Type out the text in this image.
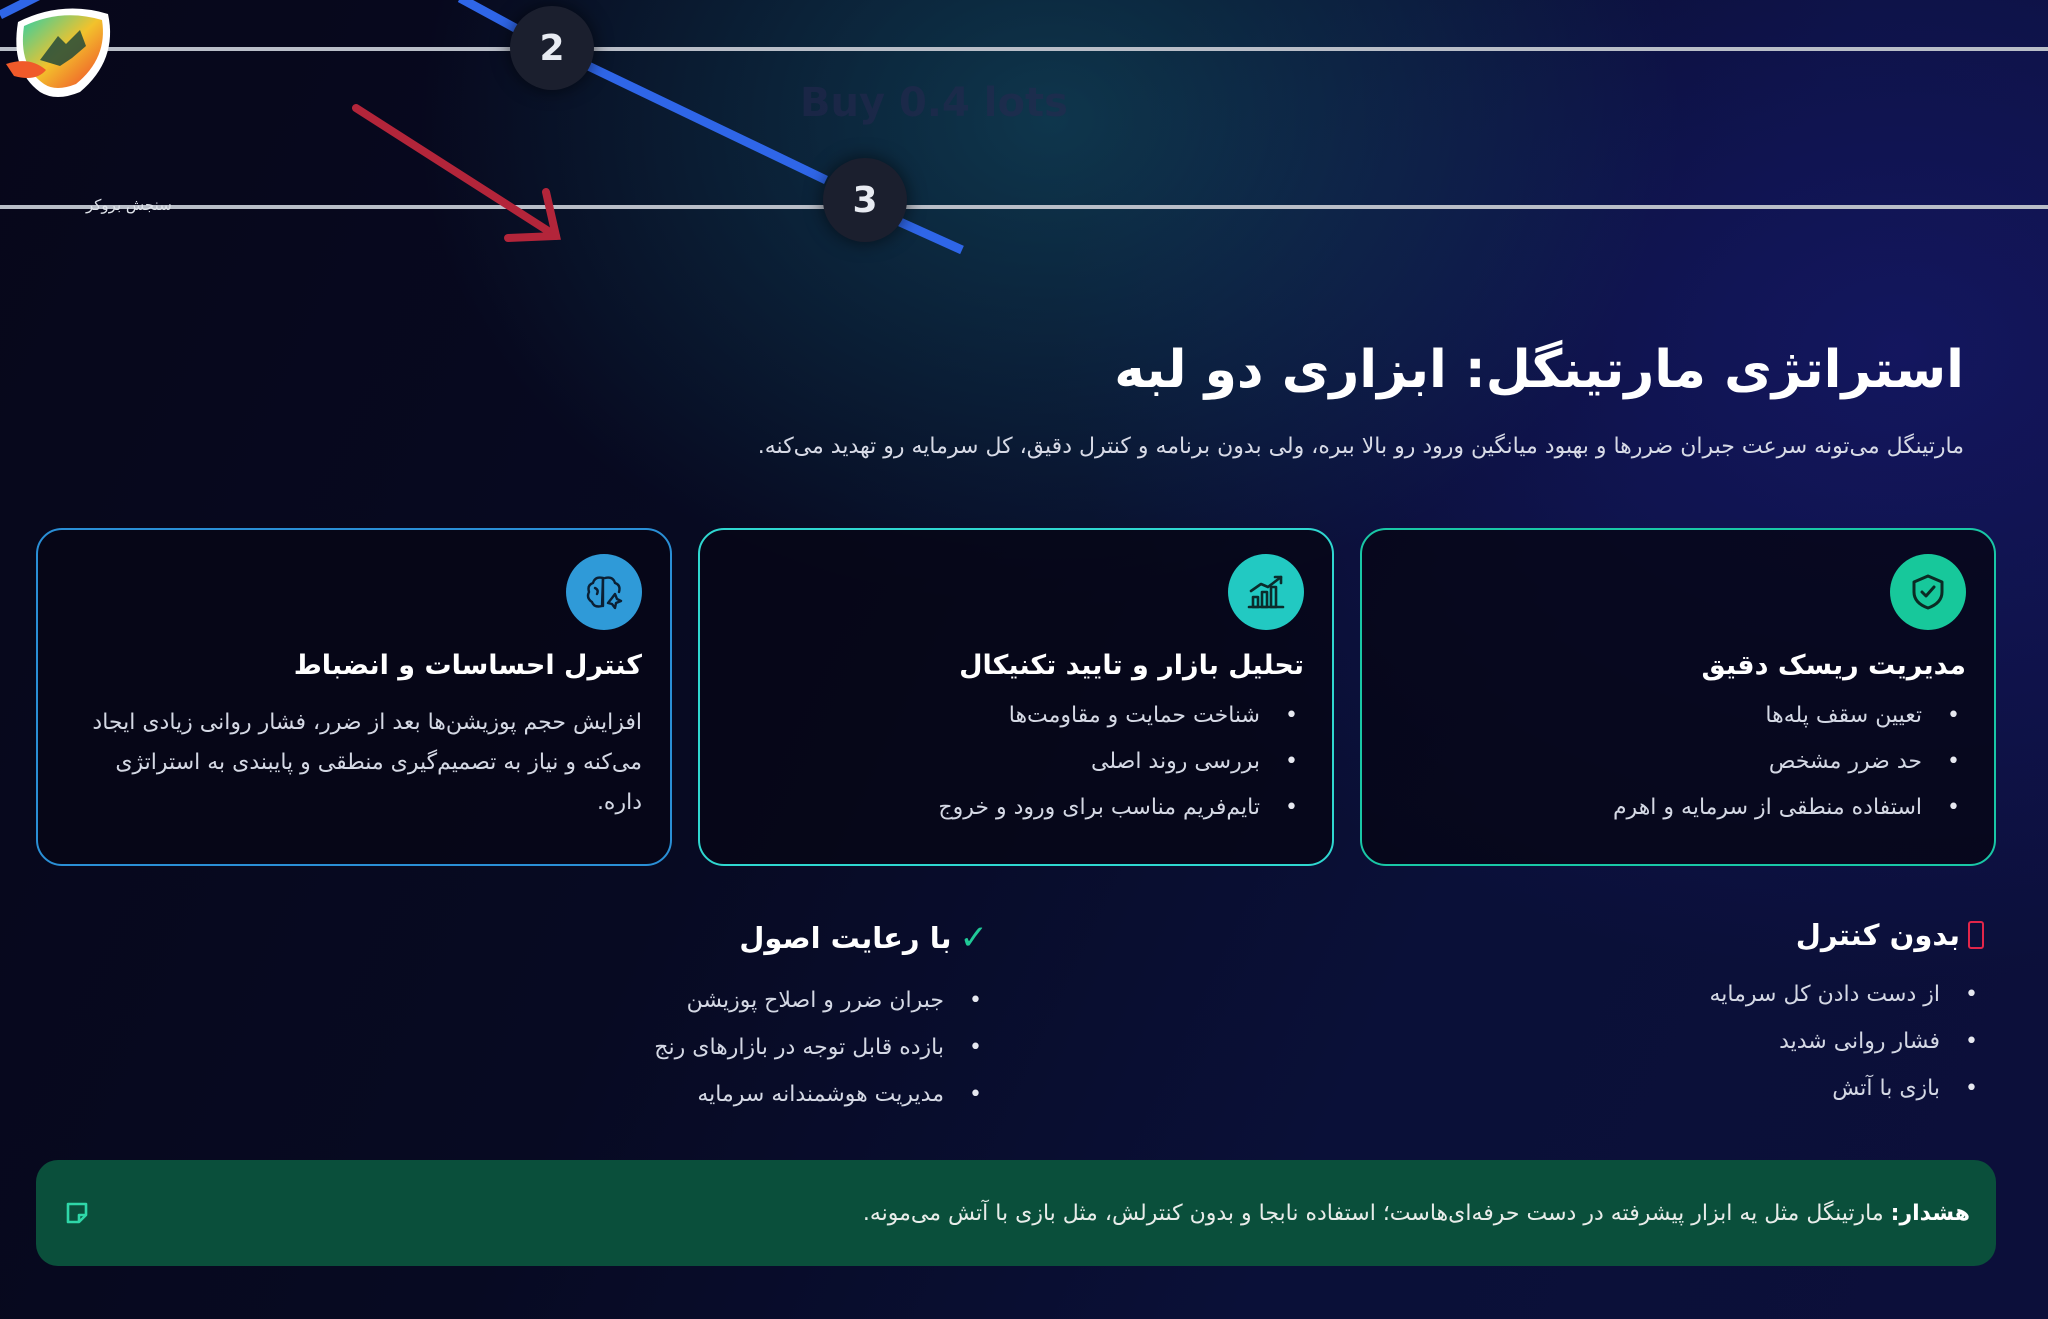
2
3
Buy 0.4 lots
سنجش بروکر
استراتژی مارتینگل: ابزاری دو لبه

مارتینگل می‌تونه سرعت جبران ضررها و بهبود میانگین ورود رو بالا ببره، ولی بدون برنامه و کنترل دقیق، کل سرمایه رو تهدید می‌کنه.

مدیریت ریسک دقیق
• تعیین سقف پله‌ها
• حد ضرر مشخص
• استفاده منطقی از سرمایه و اهرم
تحلیل بازار و تایید تکنیکال
• شناخت حمایت و مقاومت‌ها
• بررسی روند اصلی
• تایم‌فریم مناسب برای ورود و خروج
کنترل احساسات و انضباط

افزایش حجم پوزیشن‌ها بعد از ضرر، فشار روانی زیادی ایجاد می‌کنه و نیاز به تصمیم‌گیری منطقی و پایبندی به استراتژی داره.

بدون کنترل
• از دست دادن کل سرمایه
• فشار روانی شدید
• بازی با آتش
✓
با رعایت اصول
• جبران ضرر و اصلاح پوزیشن
• بازده قابل توجه در بازارهای رنج
• مدیریت هوشمندانه سرمایه
هشدار: مارتینگل مثل یه ابزار پیشرفته در دست حرفه‌ای‌هاست؛ استفاده نابجا و بدون کنترلش، مثل بازی با آتش می‌مونه.
